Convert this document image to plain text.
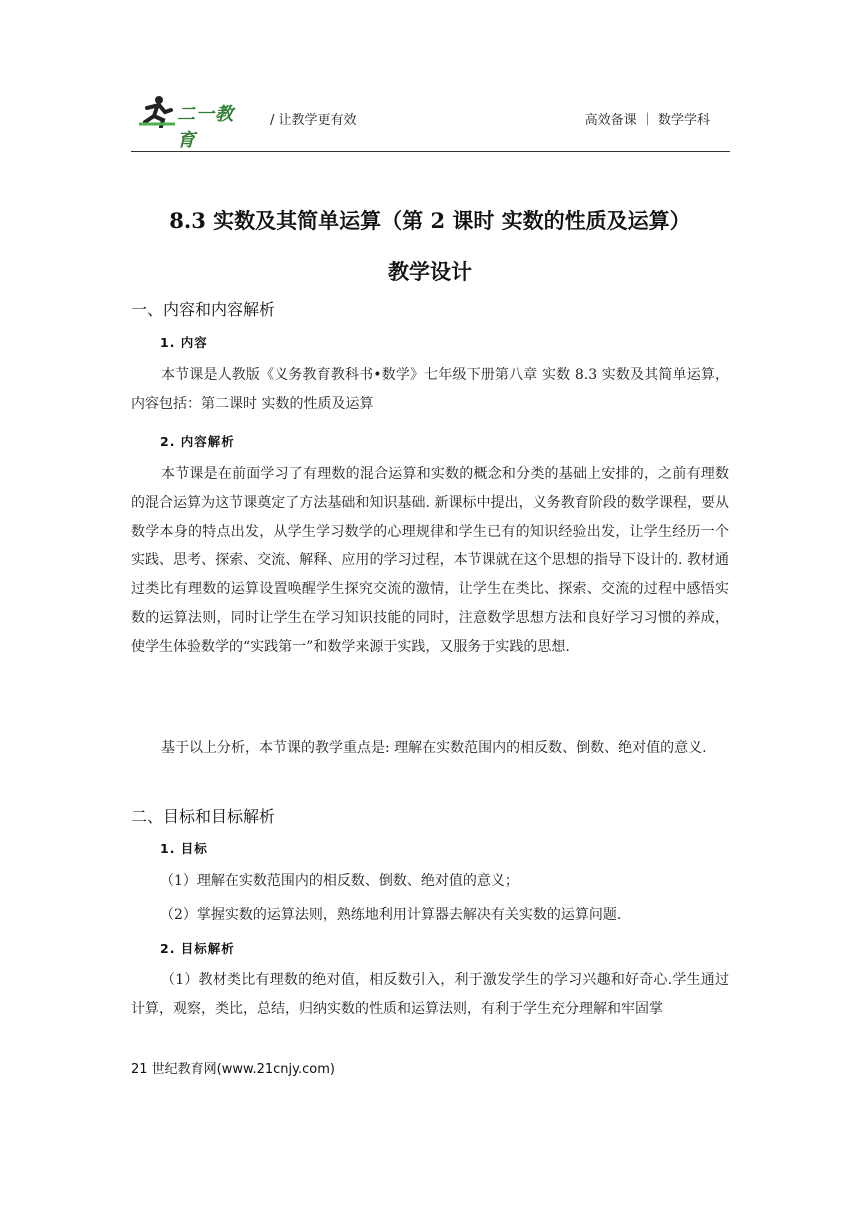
二一教育
/ 让教学更有效	高效备课 ｜ 数学学科
8.3 实数及其简单运算（第 2 课时 实数的性质及运算）
教学设计
一、内容和内容解析
1. 内容
本节课是人教版《义务教育教科书•数学》七年级下册第八章 实数 8.3 实数及其简单运算，内容包括：第二课时 实数的性质及运算
2. 内容解析
本节课是在前面学习了有理数的混合运算和实数的概念和分类的基础上安排的，之前有理数的混合运算为这节课奠定了方法基础和知识基础. 新课标中提出，义务教育阶段的数学课程，要从数学本身的特点出发，从学生学习数学的心理规律和学生已有的知识经验出发，让学生经历一个实践、思考、探索、交流、解释、应用的学习过程，本节课就在这个思想的指导下设计的. 教材通过类比有理数的运算设置唤醒学生探究交流的激情，让学生在类比、探索、交流的过程中感悟实数的运算法则，同时让学生在学习知识技能的同时，注意数学思想方法和良好学习习惯的养成，使学生体验数学的“实践第一”和数学来源于实践，又服务于实践的思想.
基于以上分析，本节课的教学重点是: 理解在实数范围内的相反数、倒数、绝对值的意义.
二、目标和目标解析
1. 目标
（1）理解在实数范围内的相反数、倒数、绝对值的意义；
（2）掌握实数的运算法则，熟练地利用计算器去解决有关实数的运算问题.
2. 目标解析
（1）教材类比有理数的绝对值，相反数引入，利于激发学生的学习兴趣和好奇心.学生通过计算，观察，类比，总结，归纳实数的性质和运算法则，有利于学生充分理解和牢固掌
21 世纪教育网(www.21cnjy.com)
